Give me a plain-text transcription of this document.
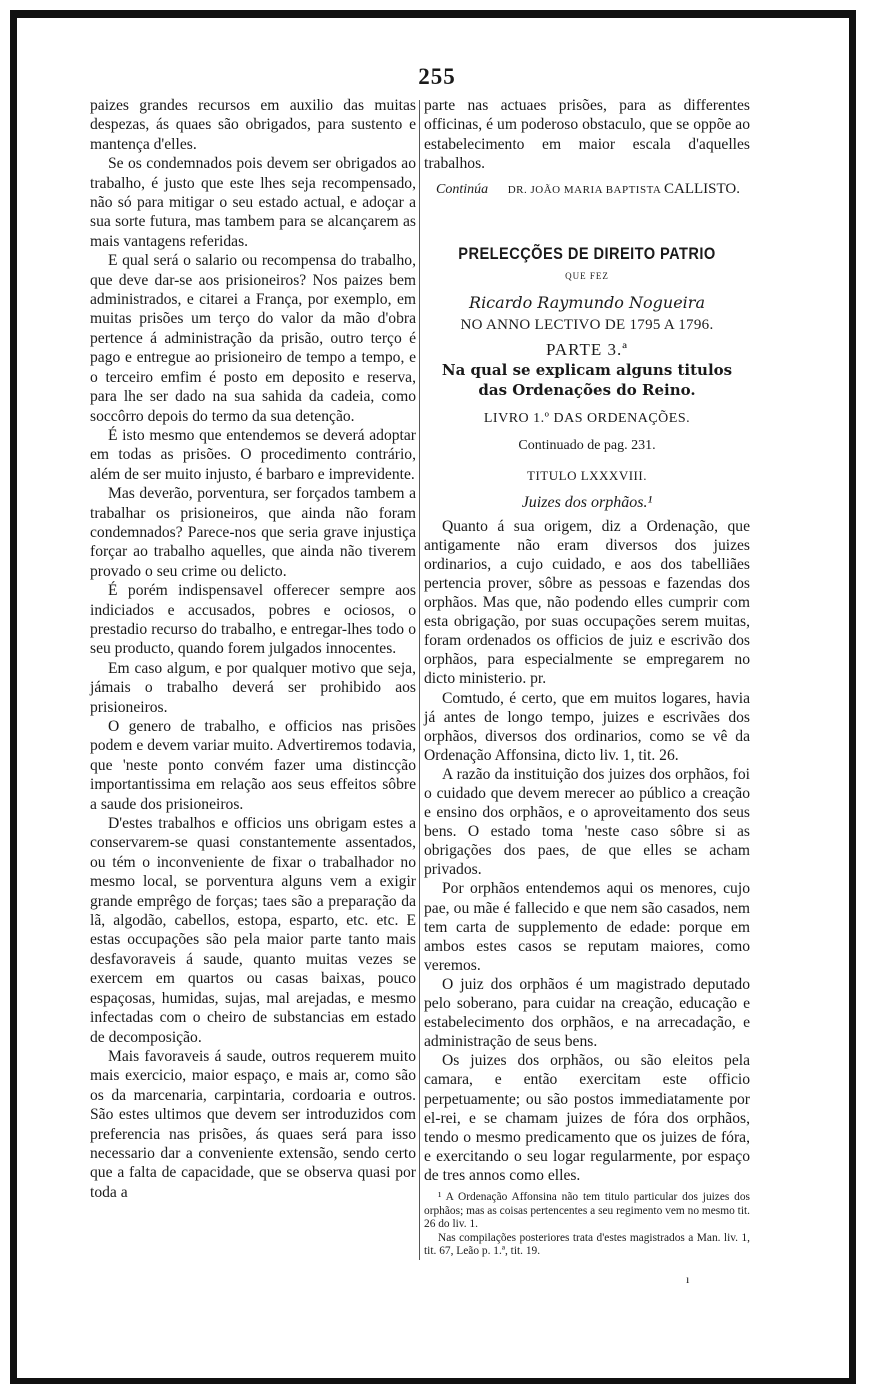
255

paizes grandes recursos em auxilio das muitas despezas, ás quaes são obrigados, para sustento e mantença d'elles.

Se os condemnados pois devem ser obrigados ao trabalho, é justo que este lhes seja recompensado, não só para mitigar o seu estado actual, e adoçar a sua sorte futura, mas tambem para se alcançarem as mais vantagens referidas.

E qual será o salario ou recompensa do trabalho, que deve dar-se aos prisioneiros? Nos paizes bem administrados, e citarei a França, por exemplo, em muitas prisões um terço do valor da mão d'obra pertence á administração da prisão, outro terço é pago e entregue ao prisioneiro de tempo a tempo, e o terceiro emfim é posto em deposito e reserva, para lhe ser dado na sua sahida da cadeia, como soccôrro depois do termo da sua detenção.

É isto mesmo que entendemos se deverá adoptar em todas as prisões. O procedimento contrário, além de ser muito injusto, é barbaro e imprevidente.

Mas deverão, porventura, ser forçados tambem a trabalhar os prisioneiros, que ainda não foram condemnados? Parece-nos que seria grave injustiça forçar ao trabalho aquelles, que ainda não tiverem provado o seu crime ou delicto.

É porém indispensavel offerecer sempre aos indiciados e accusados, pobres e ociosos, o prestadio recurso do trabalho, e entregar-lhes todo o seu producto, quando forem julgados innocentes.

Em caso algum, e por qualquer motivo que seja, jámais o trabalho deverá ser prohibido aos prisioneiros.

O genero de trabalho, e officios nas prisões podem e devem variar muito. Advertiremos todavia, que 'neste ponto convém fazer uma distincção importantissima em relação aos seus effeitos sôbre a saude dos prisioneiros.

D'estes trabalhos e officios uns obrigam estes a conservarem-se quasi constantemente assentados, ou tém o inconveniente de fixar o trabalhador no mesmo local, se porventura alguns vem a exigir grande emprêgo de forças; taes são a preparação da lã, algodão, cabellos, estopa, esparto, etc. etc. E estas occupações são pela maior parte tanto mais desfavoraveis á saude, quanto muitas vezes se exercem em quartos ou casas baixas, pouco espaçosas, humidas, sujas, mal arejadas, e mesmo infectadas com o cheiro de substancias em estado de decomposição.

Mais favoraveis á saude, outros requerem muito mais exercicio, maior espaço, e mais ar, como são os da marcenaria, carpintaria, cordoaria e outros. São estes ultimos que devem ser introduzidos com preferencia nas prisões, ás quaes será para isso necessario dar a conveniente extensão, sendo certo que a falta de capacidade, que se observa quasi por toda a

parte nas actuaes prisões, para as differentes officinas, é um poderoso obstaculo, que se oppõe ao estabelecimento em maior escala d'aquelles trabalhos.

Continúa DR. JOÃO MARIA BAPTISTA CALLISTO.
PRELECÇÕES DE DIREITO PATRIO
QUE FEZ
Ricardo Raymundo Nogueira
NO ANNO LECTIVO DE 1795 A 1796.
PARTE 3.ª
Na qual se explicam alguns titulos
das Ordenações do Reino.
LIVRO 1.º DAS ORDENAÇÕES.
Continuado de pag. 231.
TITULO LXXXVIII.
Juizes dos orphãos.¹

Quanto á sua origem, diz a Ordenação, que antigamente não eram diversos dos juizes ordinarios, a cujo cuidado, e aos dos tabelliães pertencia prover, sôbre as pessoas e fazendas dos orphãos. Mas que, não podendo elles cumprir com esta obrigação, por suas occupações serem muitas, foram ordenados os officios de juiz e escrivão dos orphãos, para especialmente se empregarem no dicto ministerio. pr.

Comtudo, é certo, que em muitos logares, havia já antes de longo tempo, juizes e escrivães dos orphãos, diversos dos ordinarios, como se vê da Ordenação Affonsina, dicto liv. 1, tit. 26.

A razão da instituição dos juizes dos orphãos, foi o cuidado que devem merecer ao público a creação e ensino dos orphãos, e o aproveitamento dos seus bens. O estado toma 'neste caso sôbre si as obrigações dos paes, de que elles se acham privados.

Por orphãos entendemos aqui os menores, cujo pae, ou mãe é fallecido e que nem são casados, nem tem carta de supplemento de edade: porque em ambos estes casos se reputam maiores, como veremos.

O juiz dos orphãos é um magistrado deputado pelo soberano, para cuidar na creação, educação e estabelecimento dos orphãos, e na arrecadação, e administração de seus bens.

Os juizes dos orphãos, ou são eleitos pela camara, e então exercitam este officio perpetuamente; ou são postos immediatamente por el-rei, e se chamam juizes de fóra dos orphãos, tendo o mesmo predicamento que os juizes de fóra, e exercitando o seu logar regularmente, por espaço de tres annos como elles.

¹ A Ordenação Affonsina não tem titulo particular dos juizes dos orphãos; mas as coisas pertencentes a seu regimento vem no mesmo tit. 26 do liv. 1.

Nas compilações posteriores trata d'estes magistrados a Man. liv. 1, tit. 67, Leão p. 1.ª, tit. 19.

ı
